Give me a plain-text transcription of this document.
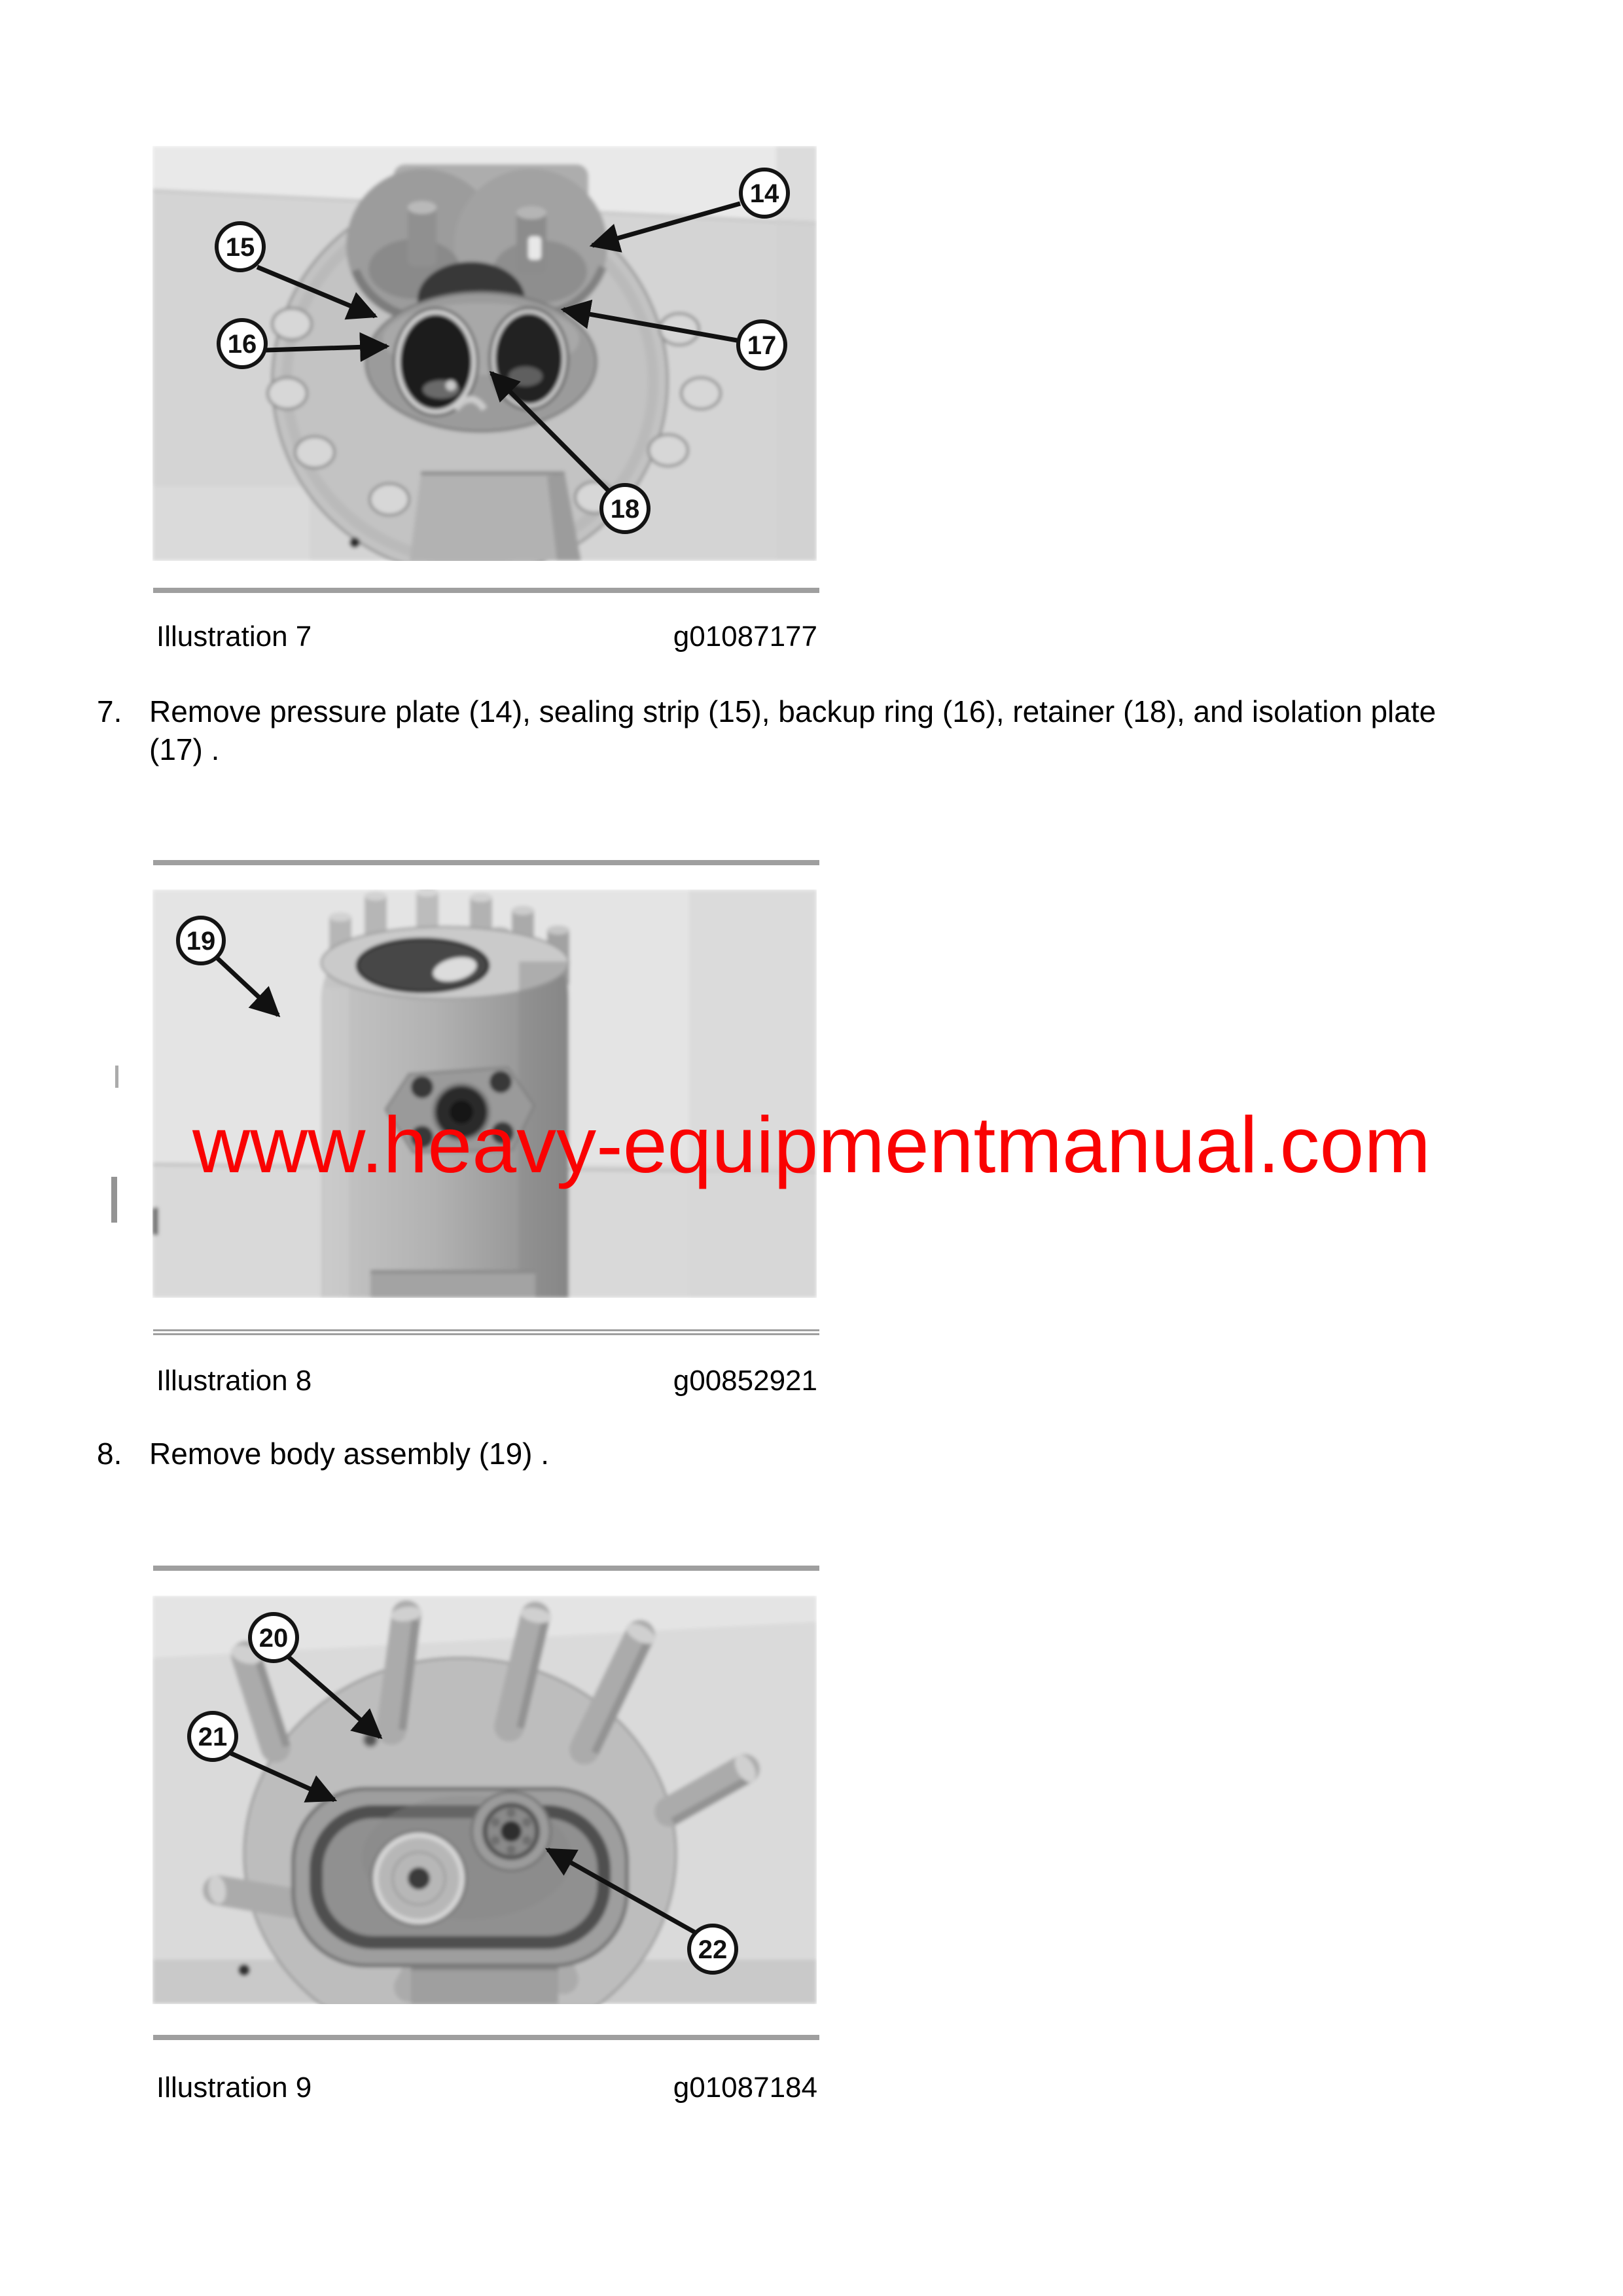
14
15
16	17
18
Illustration 7	g01087177
7. Remove pressure plate (14), sealing strip (15), backup ring (16), retainer (18), and isolation plate
(17) .
19
Illustration 8	g00852921
8. Remove body assembly (19) .
20
21
22
Illustration 9	g01087184
www.heavy-equipmentmanual.com
